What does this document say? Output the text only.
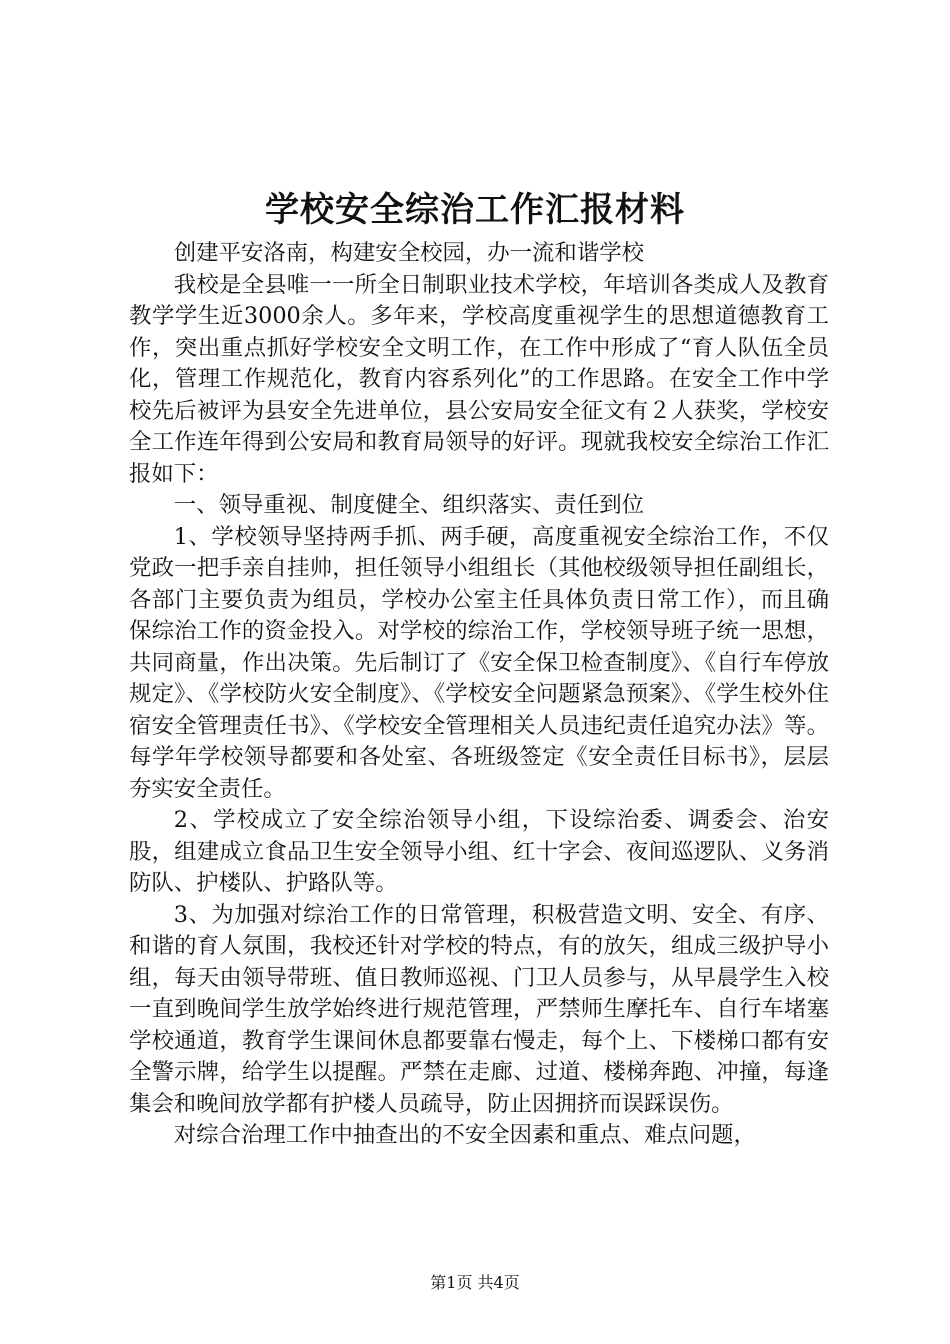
学校安全综治工作汇报材料

创建平安洛南，构建安全校园，办一流和谐学校

我校是全县唯一一所全日制职业技术学校，年培训各类成人及教育教学学生近3000余人。多年来，学校高度重视学生的思想道德教育工作，突出重点抓好学校安全文明工作，在工作中形成了“育人队伍全员化，管理工作规范化，教育内容系列化”的工作思路。在安全工作中学校先后被评为县安全先进单位，县公安局安全征文有２人获奖，学校安全工作连年得到公安局和教育局领导的好评。现就我校安全综治工作汇报如下：

一、领导重视、制度健全、组织落实、责任到位

1、学校领导坚持两手抓、两手硬，高度重视安全综治工作，不仅党政一把手亲自挂帅，担任领导小组组长（其他校级领导担任副组长，各部门主要负责为组员，学校办公室主任具体负责日常工作），而且确保综治工作的资金投入。对学校的综治工作，学校领导班子统一思想，共同商量，作出决策。先后制订了《安全保卫检查制度》、《自行车停放规定》、《学校防火安全制度》、《学校安全问题紧急预案》、《学生校外住宿安全管理责任书》、《学校安全管理相关人员违纪责任追究办法》等。每学年学校领导都要和各处室、各班级签定《安全责任目标书》，层层夯实安全责任。

2、学校成立了安全综治领导小组，下设综治委、调委会、治安股，组建成立食品卫生安全领导小组、红十字会、夜间巡逻队、义务消防队、护楼队、护路队等。

3、为加强对综治工作的日常管理，积极营造文明、安全、有序、和谐的育人氛围，我校还针对学校的特点，有的放矢，组成三级护导小组，每天由领导带班、值日教师巡视、门卫人员参与，从早晨学生入校一直到晚间学生放学始终进行规范管理，严禁师生摩托车、自行车堵塞学校通道，教育学生课间休息都要靠右慢走，每个上、下楼梯口都有安全警示牌，给学生以提醒。严禁在走廊、过道、楼梯奔跑、冲撞，每逢集会和晚间放学都有护楼人员疏导，防止因拥挤而误踩误伤。

对综合治理工作中抽查出的不安全因素和重点、难点问题，

第1页 共4页
